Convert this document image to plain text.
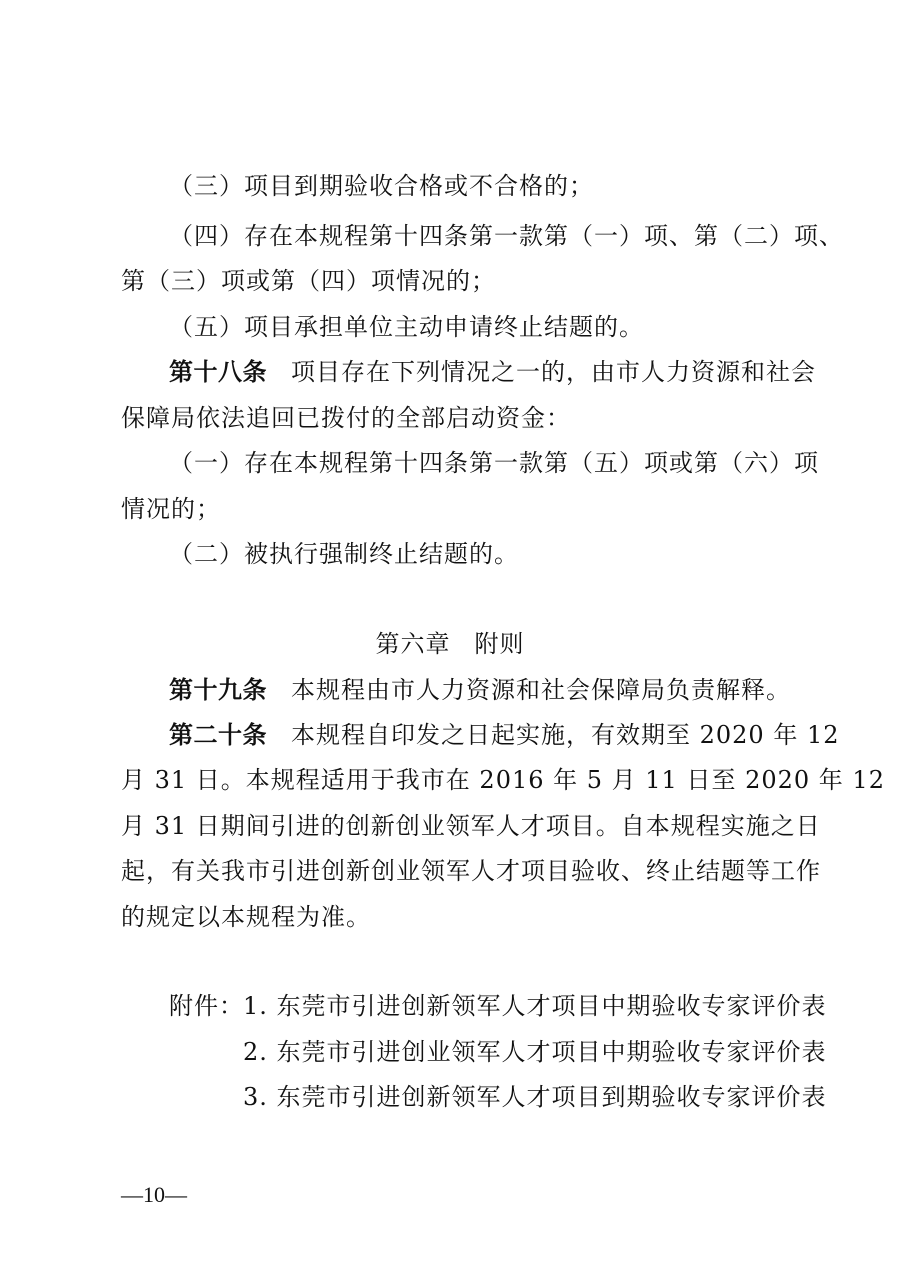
（三）项目到期验收合格或不合格的；
（四）存在本规程第十四条第一款第（一）项、第（二）项、
第（三）项或第（四）项情况的；
（五）项目承担单位主动申请终止结题的。
第十八条 项目存在下列情况之一的，由市人力资源和社会
保障局依法追回已拨付的全部启动资金：
（一）存在本规程第十四条第一款第（五）项或第（六）项
情况的；
（二）被执行强制终止结题的。
第六章 附则
第十九条 本规程由市人力资源和社会保障局负责解释。
第二十条 本规程自印发之日起实施，有效期至 2020 年 12
月 31 日。本规程适用于我市在 2016 年 5 月 11 日至 2020 年 12
月 31 日期间引进的创新创业领军人才项目。自本规程实施之日
起，有关我市引进创新创业领军人才项目验收、终止结题等工作
的规定以本规程为准。
附件： 1. 东莞市引进创新领军人才项目中期验收专家评价表
2. 东莞市引进创业领军人才项目中期验收专家评价表
3. 东莞市引进创新领军人才项目到期验收专家评价表
—10—
